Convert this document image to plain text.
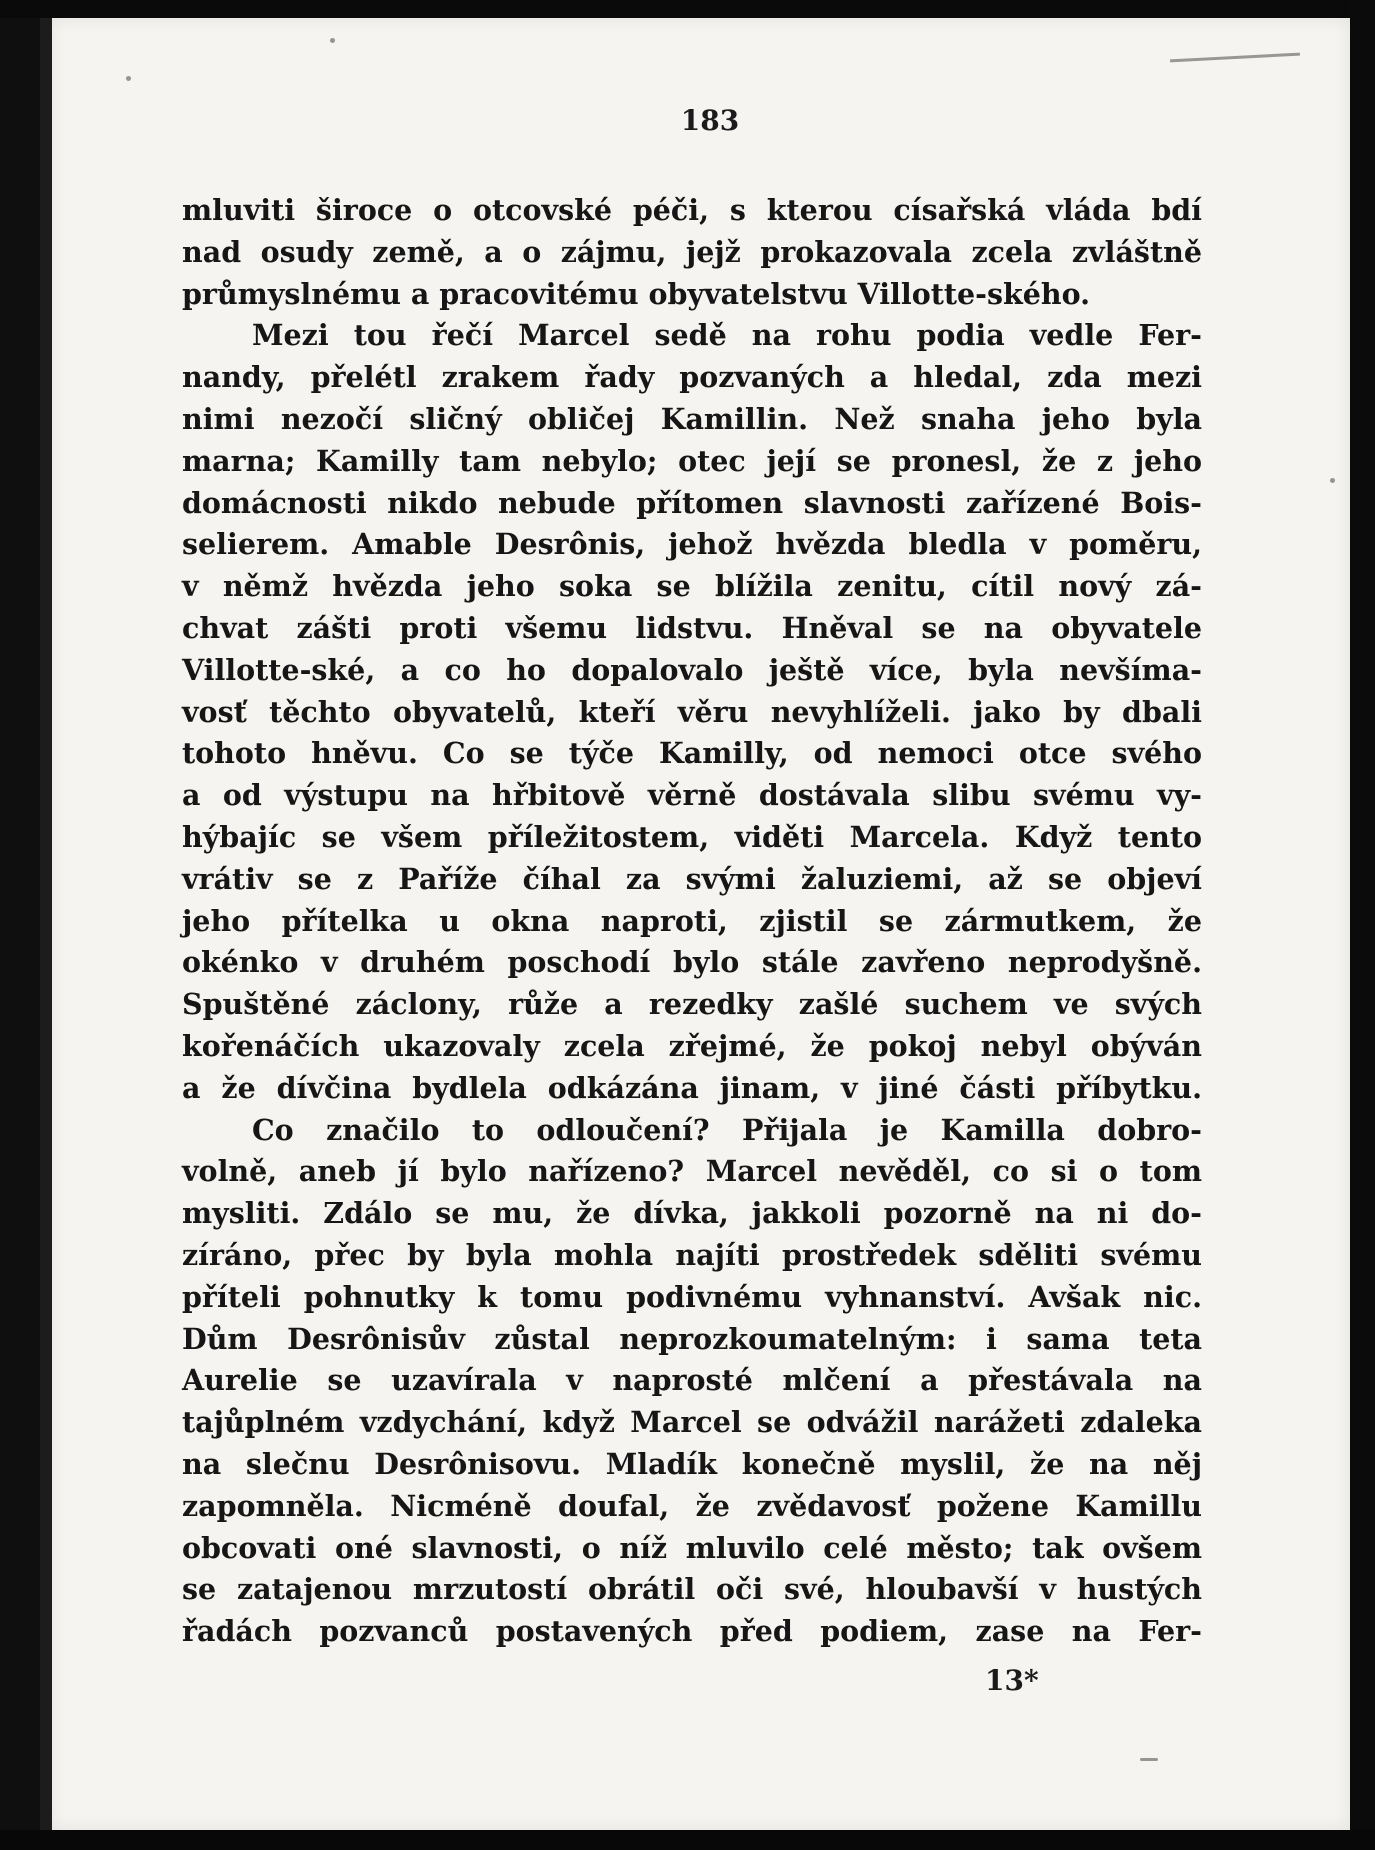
183
mluviti široce o otcovské péči, s kterou císařská vláda bdí
nad osudy země, a o zájmu, jejž prokazovala zcela zvláštně
průmyslnému a pracovitému obyvatelstvu Villotte-ského.
Mezi tou řečí Marcel sedě na rohu podia vedle Fer-
nandy, přelétl zrakem řady pozvaných a hledal, zda mezi
nimi nezočí sličný obličej Kamillin. Než snaha jeho byla
marna; Kamilly tam nebylo; otec její se pronesl, že z jeho
domácnosti nikdo nebude přítomen slavnosti zařízené Bois-
selierem. Amable Desrônis, jehož hvězda bledla v poměru,
v němž hvězda jeho soka se blížila zenitu, cítil nový zá-
chvat zášti proti všemu lidstvu. Hněval se na obyvatele
Villotte-ské, a co ho dopalovalo ještě více, byla nevšíma-
vosť těchto obyvatelů, kteří věru nevyhlíželi. jako by dbali
tohoto hněvu. Co se týče Kamilly, od nemoci otce svého
a od výstupu na hřbitově věrně dostávala slibu svému vy-
hýbajíc se všem příležitostem, viděti Marcela. Když tento
vrátiv se z Paříže číhal za svými žaluziemi, až se objeví
jeho přítelka u okna naproti, zjistil se zármutkem, že
okénko v druhém poschodí bylo stále zavřeno neprodyšně.
Spuštěné záclony, růže a rezedky zašlé suchem ve svých
kořenáčích ukazovaly zcela zřejmé, že pokoj nebyl obýván
a že dívčina bydlela odkázána jinam, v jiné části příbytku.
Co značilo to odloučení? Přijala je Kamilla dobro-
volně, aneb jí bylo nařízeno? Marcel nevěděl, co si o tom
mysliti. Zdálo se mu, že dívka, jakkoli pozorně na ni do-
zíráno, přec by byla mohla najíti prostředek sděliti svému
příteli pohnutky k tomu podivnému vyhnanství. Avšak nic.
Dům Desrônisův zůstal neprozkoumatelným: i sama teta
Aurelie se uzavírala v naprosté mlčení a přestávala na
tajůplném vzdychání, když Marcel se odvážil narážeti zdaleka
na slečnu Desrônisovu. Mladík konečně myslil, že na něj
zapomněla. Nicméně doufal, že zvědavosť požene Kamillu
obcovati oné slavnosti, o níž mluvilo celé město; tak ovšem
se zatajenou mrzutostí obrátil oči své, hloubavší v hustých
řadách pozvanců postavených před podiem, zase na Fer-
13*
